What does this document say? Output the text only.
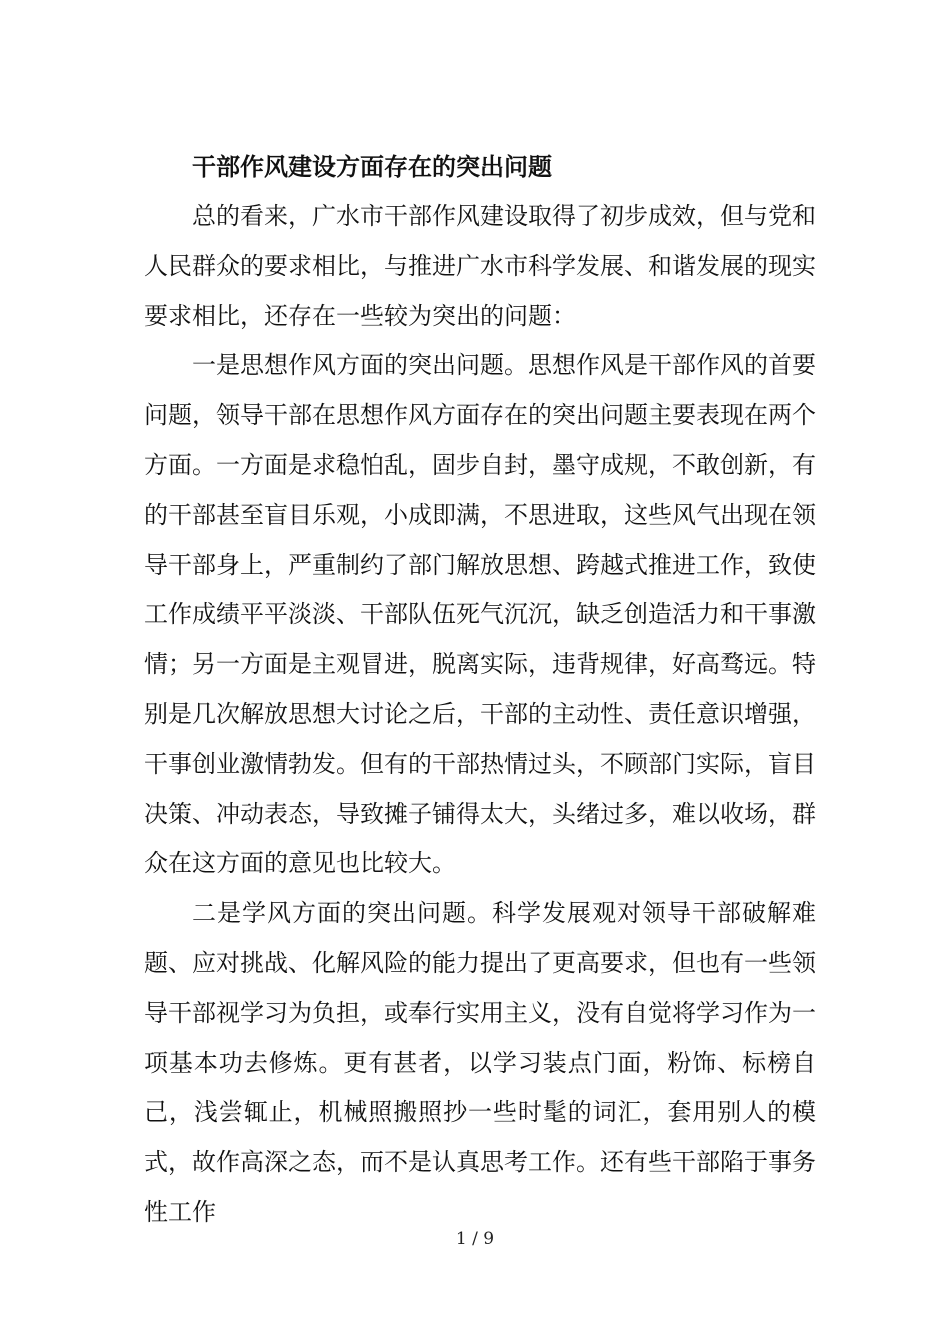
干部作风建设方面存在的突出问题

总的看来，广水市干部作风建设取得了初步成效，但与党和人民群众的要求相比，与推进广水市科学发展、和谐发展的现实要求相比，还存在一些较为突出的问题：

一是思想作风方面的突出问题。思想作风是干部作风的首要问题，领导干部在思想作风方面存在的突出问题主要表现在两个方面。一方面是求稳怕乱，固步自封，墨守成规，不敢创新，有的干部甚至盲目乐观，小成即满，不思进取，这些风气出现在领导干部身上，严重制约了部门解放思想、跨越式推进工作，致使工作成绩平平淡淡、干部队伍死气沉沉，缺乏创造活力和干事激情；另一方面是主观冒进，脱离实际，违背规律，好高骛远。特别是几次解放思想大讨论之后，干部的主动性、责任意识增强，干事创业激情勃发。但有的干部热情过头，不顾部门实际，盲目决策、冲动表态，导致摊子铺得太大，头绪过多，难以收场，群众在这方面的意见也比较大。

二是学风方面的突出问题。科学发展观对领导干部破解难题、应对挑战、化解风险的能力提出了更高要求，但也有一些领导干部视学习为负担，或奉行实用主义，没有自觉将学习作为一项基本功去修炼。更有甚者，以学习装点门面，粉饰、标榜自己，浅尝辄止，机械照搬照抄一些时髦的词汇，套用别人的模式，故作高深之态，而不是认真思考工作。还有些干部陷于事务性工作

1 / 9
